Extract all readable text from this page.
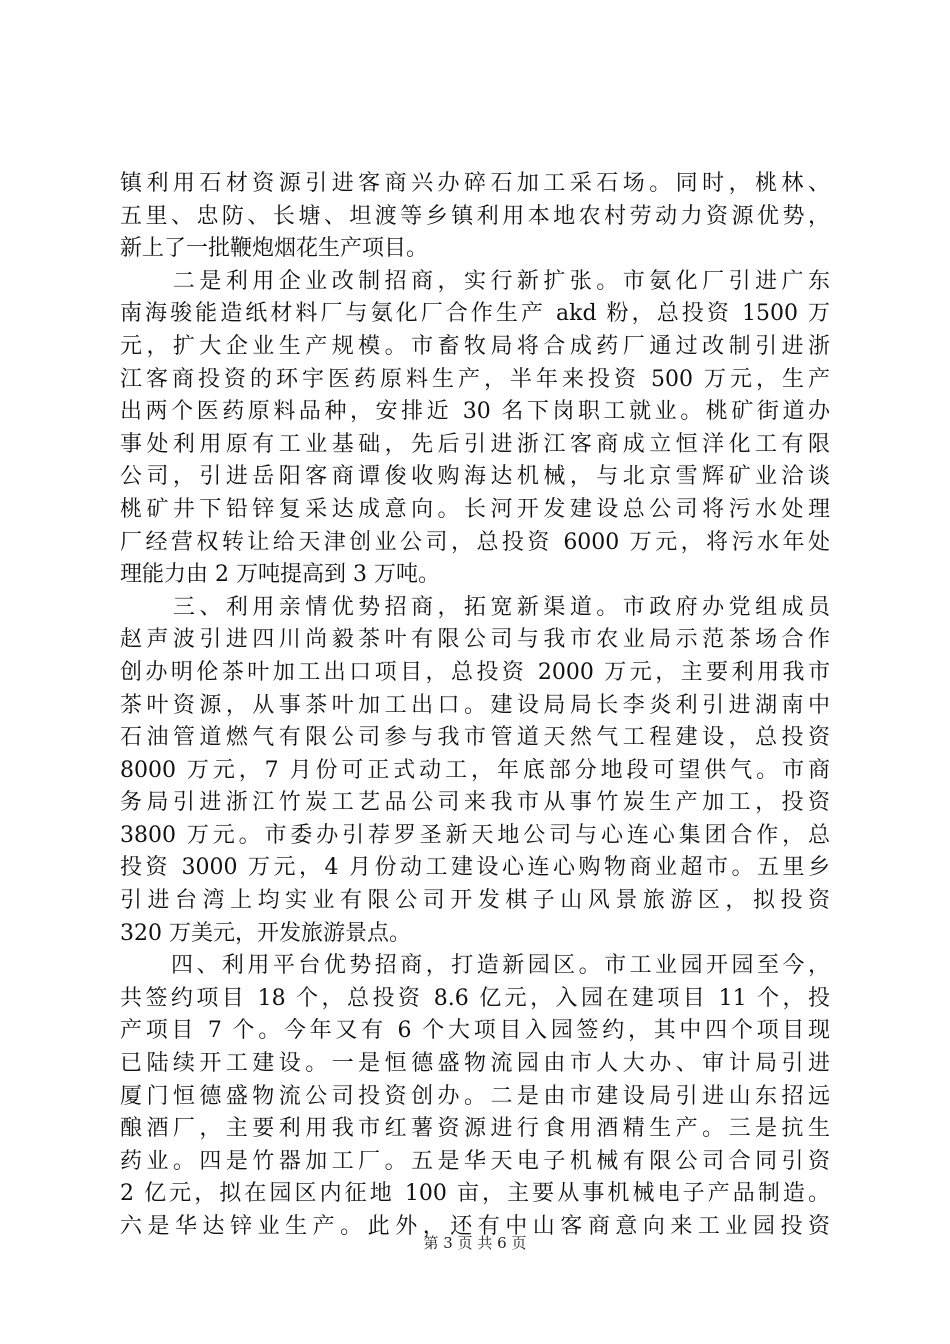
镇利用石材资源引进客商兴办碎石加工采石场。同时，桃林、
五里、忠防、长塘、坦渡等乡镇利用本地农村劳动力资源优势，
新上了一批鞭炮烟花生产项目。
　　二是利用企业改制招商，实行新扩张。市氨化厂引进广东
南海骏能造纸材料厂与氨化厂合作生产 akd 粉，总投资 1500 万
元，扩大企业生产规模。市畜牧局将合成药厂通过改制引进浙
江客商投资的环宇医药原料生产，半年来投资 500 万元，生产
出两个医药原料品种，安排近 30 名下岗职工就业。桃矿街道办
事处利用原有工业基础，先后引进浙江客商成立恒洋化工有限
公司，引进岳阳客商谭俊收购海达机械，与北京雪辉矿业洽谈
桃矿井下铅锌复采达成意向。长河开发建设总公司将污水处理
厂经营权转让给天津创业公司，总投资 6000 万元，将污水年处
理能力由 2 万吨提高到 3 万吨。
　　三、利用亲情优势招商，拓宽新渠道。市政府办党组成员
赵声波引进四川尚毅茶叶有限公司与我市农业局示范茶场合作
创办明伦茶叶加工出口项目，总投资 2000 万元，主要利用我市
茶叶资源，从事茶叶加工出口。建设局局长李炎利引进湖南中
石油管道燃气有限公司参与我市管道天然气工程建设，总投资
8000 万元，7 月份可正式动工，年底部分地段可望供气。市商
务局引进浙江竹炭工艺品公司来我市从事竹炭生产加工，投资
3800 万元。市委办引荐罗圣新天地公司与心连心集团合作，总
投资 3000 万元，4 月份动工建设心连心购物商业超市。五里乡
引进台湾上均实业有限公司开发棋子山风景旅游区，拟投资
320 万美元，开发旅游景点。
　　四、利用平台优势招商，打造新园区。市工业园开园至今，
共签约项目 18 个，总投资 8.6 亿元，入园在建项目 11 个，投
产项目 7 个。今年又有 6 个大项目入园签约，其中四个项目现
已陆续开工建设。一是恒德盛物流园由市人大办、审计局引进
厦门恒德盛物流公司投资创办。二是由市建设局引进山东招远
酿酒厂，主要利用我市红薯资源进行食用酒精生产。三是抗生
药业。四是竹器加工厂。五是华天电子机械有限公司合同引资
2 亿元，拟在园区内征地 100 亩，主要从事机械电子产品制造。
六是华达锌业生产。此外，还有中山客商意向来工业园投资
第 3 页 共 6 页
